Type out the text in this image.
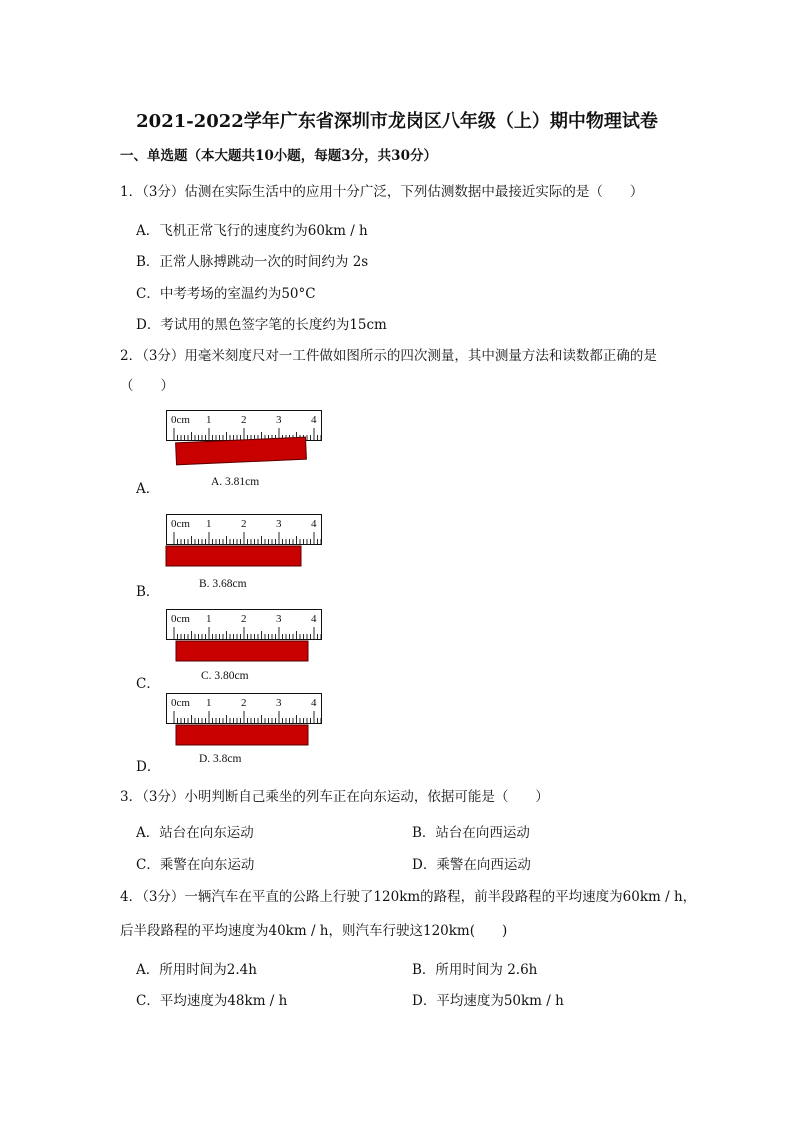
2021-2022学年广东省深圳市龙岗区八年级（上）期中物理试卷
一、单选题（本大题共10小题，每题3分，共30分）
1．（3分）估测在实际生活中的应用十分广泛，下列估测数据中最接近实际的是（　　）
A．飞机正常飞行的速度约为60km / h
B．正常人脉搏跳动一次的时间约为 2s
C．中考考场的室温约为50°C
D．考试用的黑色签字笔的长度约为15cm
2．（3分）用毫米刻度尺对一工件做如图所示的四次测量，其中测量方法和读数都正确的是
（　　）
0cm 1	2	3	4
A. 3.81cm
A．
0cm 1	2	3	4
B. 3.68cm
B．
0cm 1	2	3	4
C. 3.80cm
C．
0cm 1	2	3	4
D. 3.8cm
D．
3．（3分）小明判断自己乘坐的列车正在向东运动，依据可能是（　　）
A．站台在向东运动	B．站台在向西运动
C．乘警在向东运动	D．乘警在向西运动
4．（3分）一辆汽车在平直的公路上行驶了120km的路程，前半段路程的平均速度为60km / h，
后半段路程的平均速度为40km / h，则汽车行驶这120km(　　)
A．所用时间为2.4h	B．所用时间为 2.6h
C．平均速度为48km / h	D．平均速度为50km / h
